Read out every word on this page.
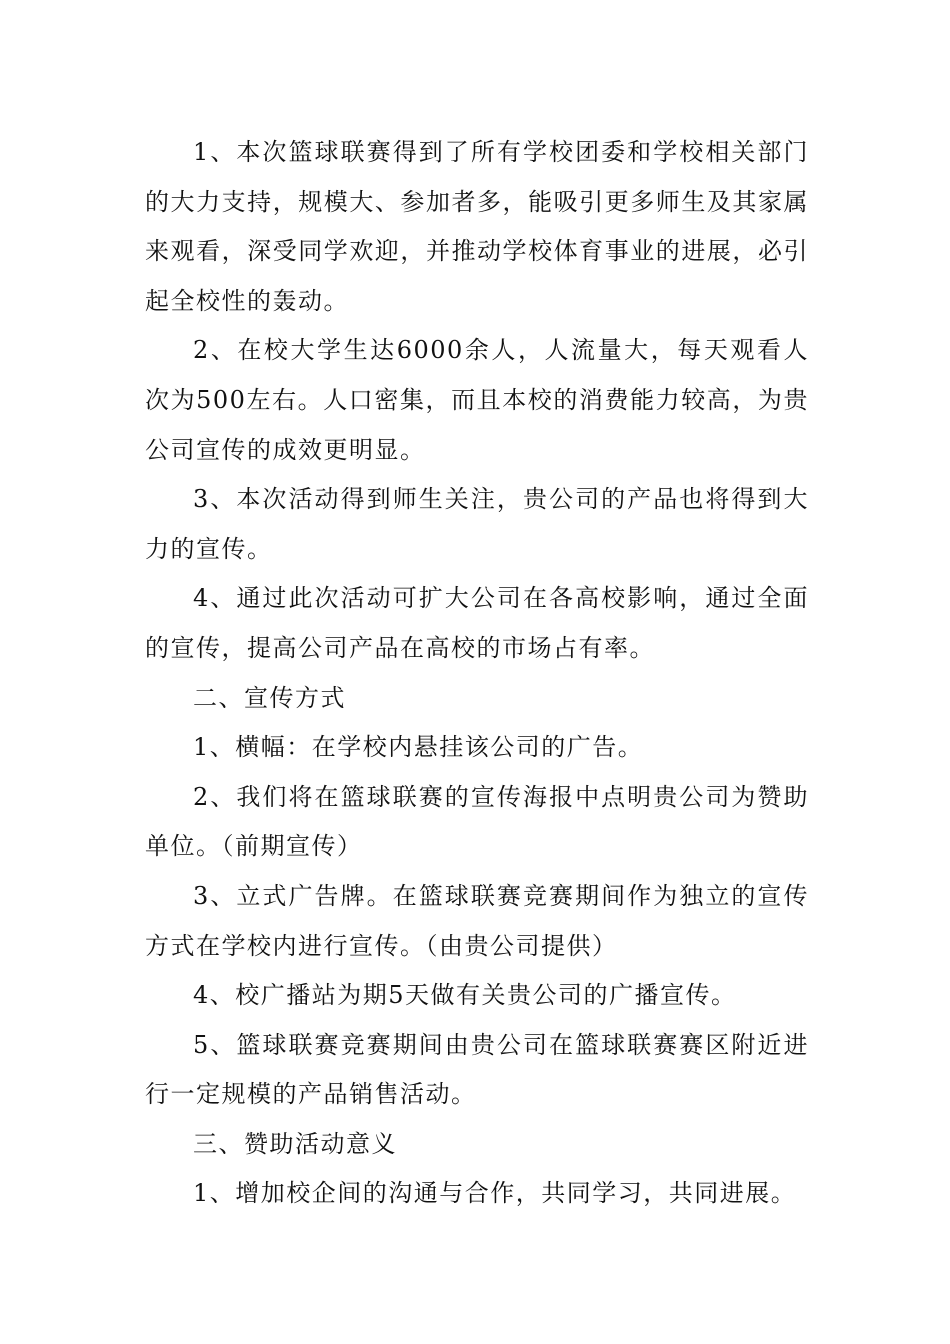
1、本次篮球联赛得到了所有学校团委和学校相关部门的大力支持，规模大、参加者多，能吸引更多师生及其家属来观看，深受同学欢迎，并推动学校体育事业的进展，必引起全校性的轰动。

2、在校大学生达6000余人，人流量大，每天观看人次为500左右。人口密集，而且本校的消费能力较高，为贵公司宣传的成效更明显。

3、本次活动得到师生关注，贵公司的产品也将得到大力的宣传。

4、通过此次活动可扩大公司在各高校影响，通过全面的宣传，提高公司产品在高校的市场占有率。

二、宣传方式

1、横幅：在学校内悬挂该公司的广告。

2、我们将在篮球联赛的宣传海报中点明贵公司为赞助单位。（前期宣传）

3、立式广告牌。在篮球联赛竞赛期间作为独立的宣传方式在学校内进行宣传。（由贵公司提供）

4、校广播站为期5天做有关贵公司的广播宣传。

5、篮球联赛竞赛期间由贵公司在篮球联赛赛区附近进行一定规模的产品销售活动。

三、赞助活动意义

1、增加校企间的沟通与合作，共同学习，共同进展。
